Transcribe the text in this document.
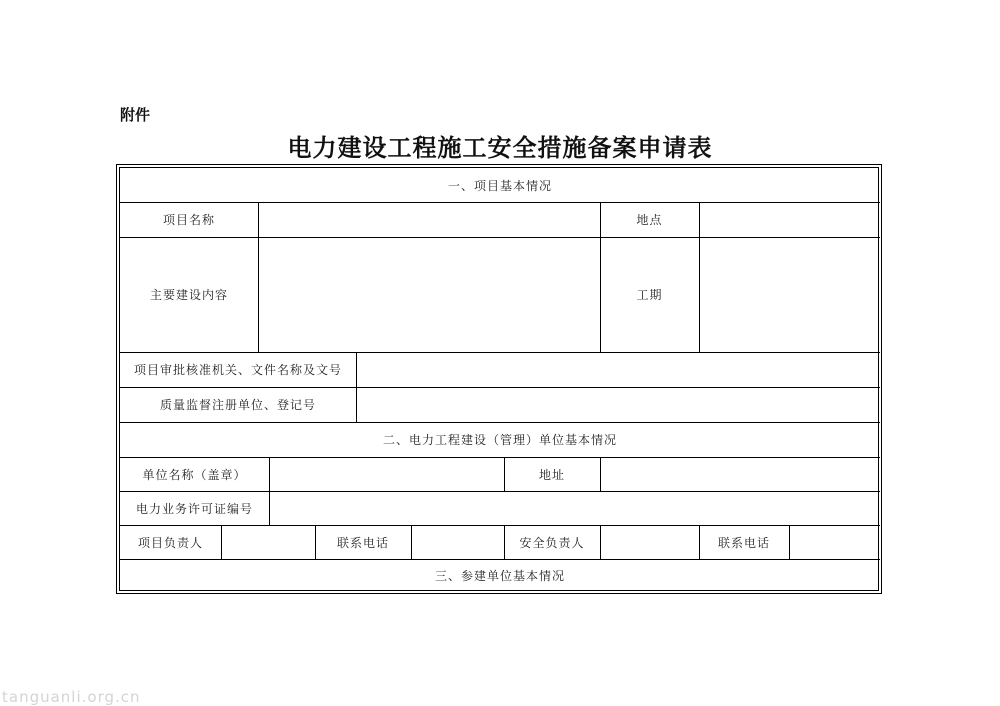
附件
电力建设工程施工安全措施备案申请表
一、项目基本情况
项目名称	地点
主要建设内容	工期
项目审批核准机关、文件名称及文号
质量监督注册单位、登记号
二、电力工程建设（管理）单位基本情况
单位名称（盖章）	地址
电力业务许可证编号
项目负责人	联系电话	安全负责人	联系电话
三、参建单位基本情况
tanguanli.org.cn
